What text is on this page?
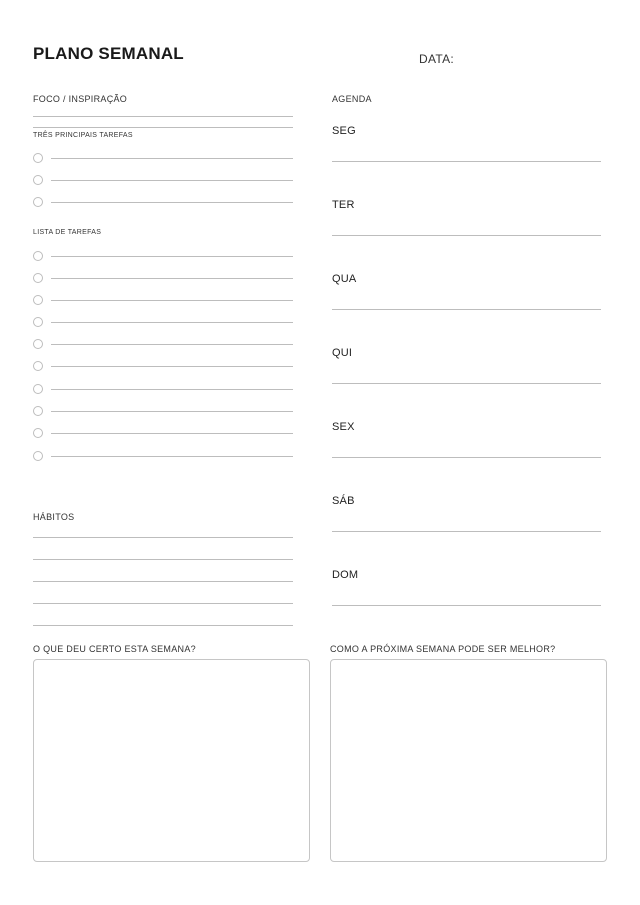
PLANO SEMANAL	DATA:
FOCO / INSPIRAÇÃO
TRÊS PRINCIPAIS TAREFAS
LISTA DE TAREFAS
HÁBITOS
AGENDA
SEG
TER
QUA
QUI
SEX
SÁB
DOM
O QUE DEU CERTO ESTA SEMANA?	COMO A PRÓXIMA SEMANA PODE SER MELHOR?
